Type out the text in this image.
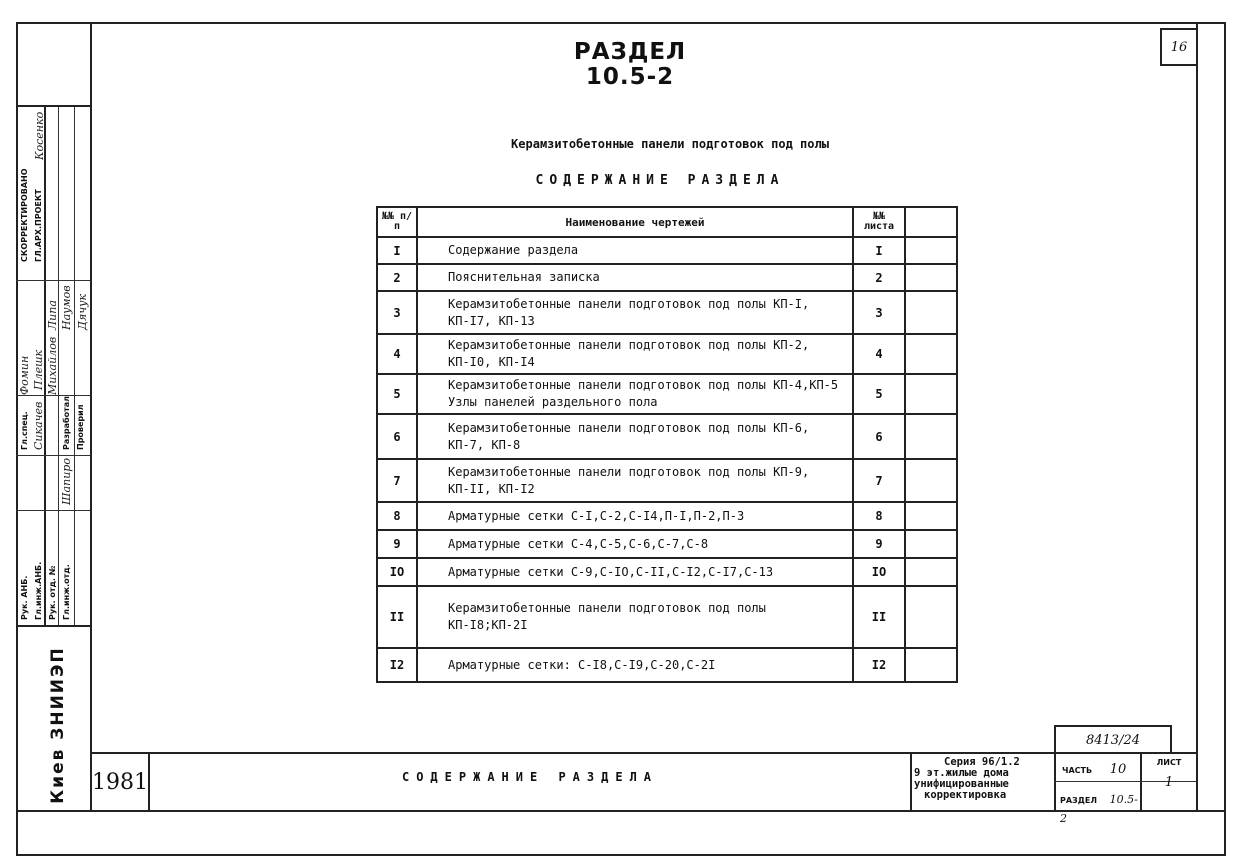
СКОРРЕКТИРОВАНО
Косенко
Рук. АНБ. Гл.инж.АНБ. Рук. отд. № Гл.инж.отд.
Гл.спец.	Разработал Проверил
ГЛ.АРХ.ПРОЕКТ
Фомин
Сикачев
Михайлов
Шапиро
Плешк
Липа Наумов Дячук
Киев ЗНИИЭП
16
РАЗДЕЛ
10.5-2
Керамзитобетонные панели подготовок под полы
СОДЕРЖАНИЕ РАЗДЕЛА
№№ п/п	Наименование чертежей	№№ листа	
I	Содержание раздела	I	
2	Пояснительная записка	2	
3	Керамзитобетонные панели подготовок под полы КП-I,
КП-I7, КП-13	3	
4	Керамзитобетонные панели подготовок под полы КП-2,
КП-I0, КП-I4	4	
5	Керамзитобетонные панели подготовок под полы КП-4,КП-5
Узлы панелей раздельного пола	5	
6	Керамзитобетонные панели подготовок под полы КП-6,
КП-7, КП-8	6	
7	Керамзитобетонные панели подготовок под полы КП-9,
КП-II, КП-I2	7	
8	Арматурные сетки С-I,С-2,С-I4,П-I,П-2,П-3	8	
9	Арматурные сетки С-4,С-5,С-6,С-7,С-8	9	
IO	Арматурные сетки С-9,С-IO,С-II,С-I2,С-I7,С-13	IO	
II	Керамзитобетонные панели подготовок под полы
КП-I8;КП-2I	II	
I2	Арматурные сетки: С-I8,С-I9,С-20,С-2I	I2	
8413/24
1981	СОДЕРЖАНИЕ РАЗДЕЛА
Серия 96/1.2
9 эт.жилые дома
унифицированные
корректировка
ЧАСТЬ 10	ЛИСТ
1
РАЗДЕЛ 10.5-2
